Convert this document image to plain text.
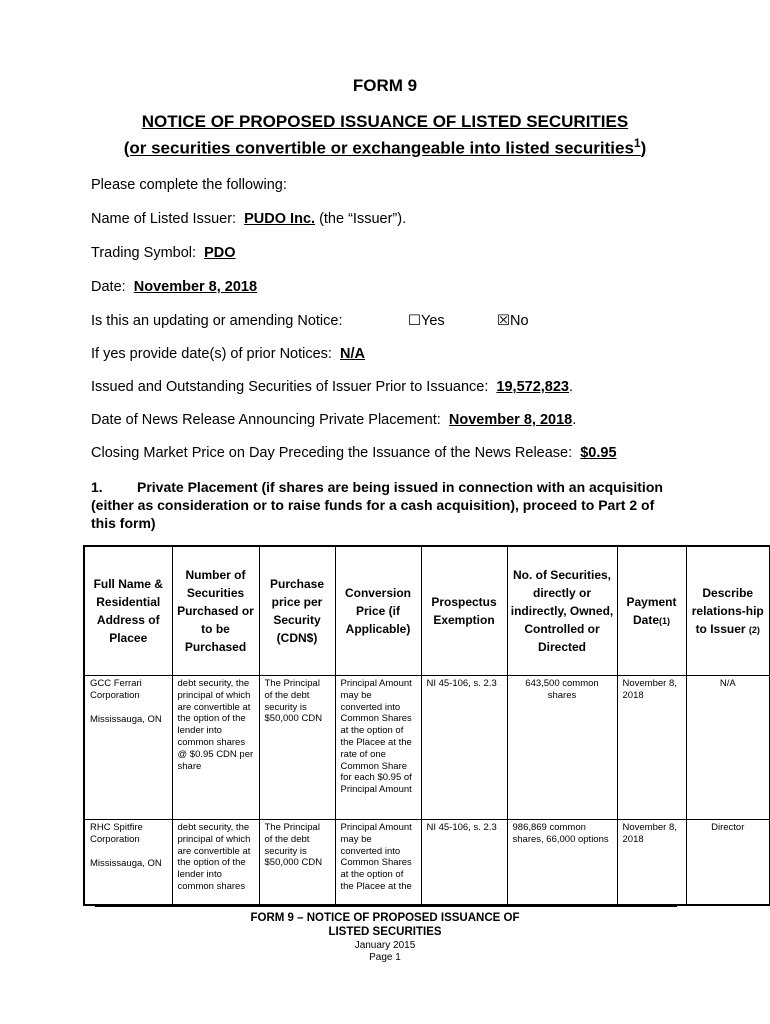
FORM 9
NOTICE OF PROPOSED ISSUANCE OF LISTED SECURITIES
(or securities convertible or exchangeable into listed securities$^1$)
Please complete the following:
Name of Listed Issuer: PUDO Inc. (the “Issuer”).
Trading Symbol: PDO
Date: November 8, 2018
Is this an updating or amending Notice:	☐Yes	☒No
If yes provide date(s) of prior Notices: N/A
Issued and Outstanding Securities of Issuer Prior to Issuance: 19,572,823.
Date of News Release Announcing Private Placement: November 8, 2018.
Closing Market Price on Day Preceding the Issuance of the News Release: $0.95
1. Private Placement (if shares are being issued in connection with an acquisition (either as consideration or to raise funds for a cash acquisition), proceed to Part 2 of this form)
Full Name & Residential Address of Placee	Number of Securities Purchased or to be Purchased	Purchase price per Security (CDN$)	Conversion Price (if Applicable)	Prospectus Exemption	No. of Securities, directly or indirectly, Owned, Controlled or Directed	Payment Date(1)	Describe relations-hip to Issuer (2)
GCC Ferrari Corporation
Mississauga, ON	debt security, the principal of which are convertible at the option of the lender into common shares @ $0.95 CDN per share	The Principal of the debt security is $50,000 CDN	Principal Amount may be converted into Common Shares at the option of the Placee at the rate of one Common Share for each $0.95 of Principal Amount	NI 45-106, s. 2.3	643,500 common shares	November 8, 2018	N/A
RHC Spitfire Corporation
Mississauga, ON	debt security, the principal of which are convertible at the option of the lender into common shares	The Principal of the debt security is $50,000 CDN	Principal Amount may be converted into Common Shares at the option of the Placee at the	NI 45-106, s. 2.3	986,869 common shares, 66,000 options	November 8, 2018	Director
FORM 9 – NOTICE OF PROPOSED ISSUANCE OF
LISTED SECURITIES
January 2015
Page 1
